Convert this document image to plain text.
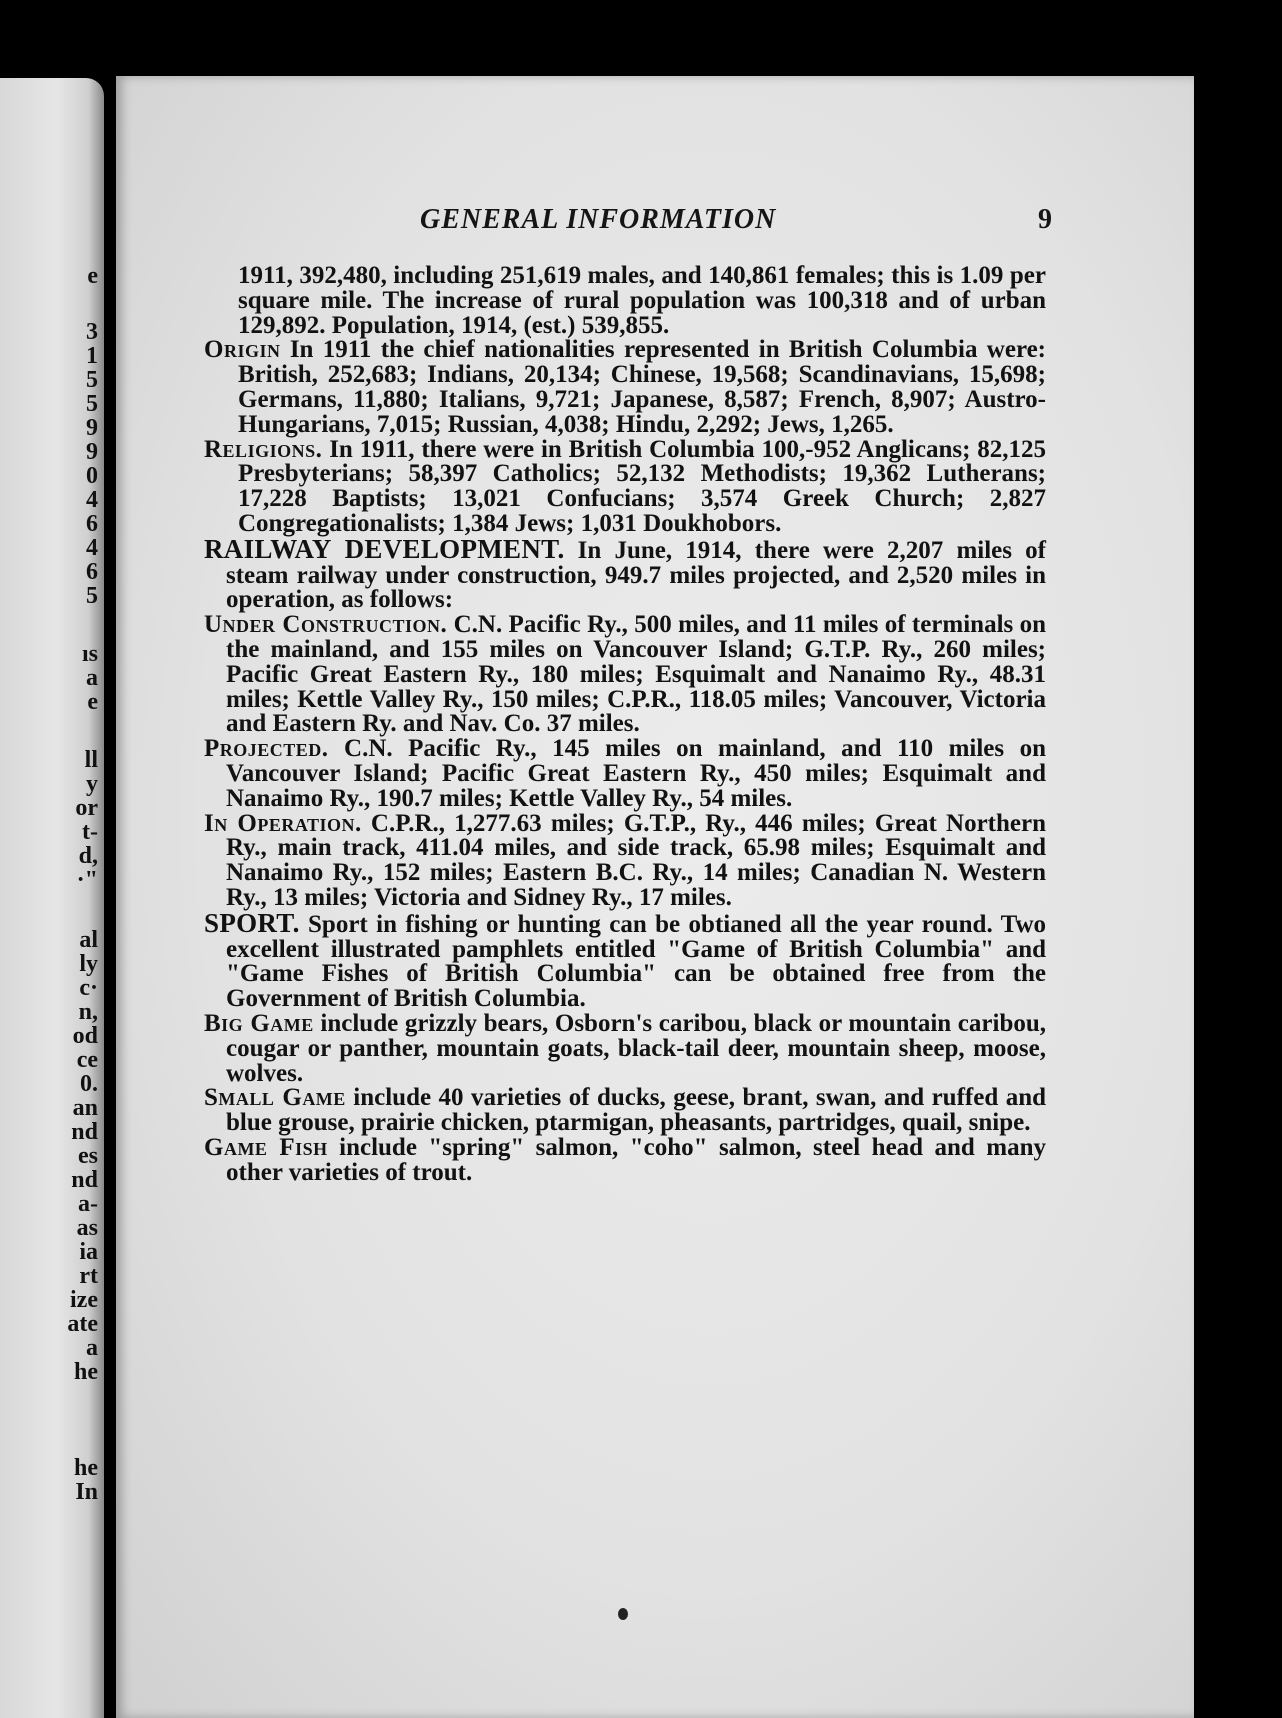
e
3
1
5
5
9
9
0
4
6
4
6
5
ıs
a
e
ll
y
or
t-
d,
·"
al
ly
c·
n,
od
ce
0.
an
nd
es
nd
a-
as
ia
rt
ize
ate
a
he
he
In
GENERAL INFORMATION	9

1911, 392,480, including 251,619 males, and 140,861 females; this is 1.09 per square mile. The increase of rural population was 100,318 and of urban 129,892. Population, 1914, (est.) 539,855.

Origin In 1911 the chief nationalities represented in British Columbia were: British, 252,683; Indians, 20,134; Chinese, 19,568; Scandinavians, 15,698; Germans, 11,880; Italians, 9,721; Japanese, 8,587; French, 8,907; Austro-Hungarians, 7,015; Russian, 4,038; Hindu, 2,292; Jews, 1,265.

Religions. In 1911, there were in British Columbia 100,-952 Anglicans; 82,125 Presbyterians; 58,397 Catholics; 52,132 Methodists; 19,362 Lutherans; 17,228 Baptists; 13,021 Confucians; 3,574 Greek Church; 2,827 Congregationalists; 1,384 Jews; 1,031 Doukhobors.

RAILWAY DEVELOPMENT. In June, 1914, there were 2,207 miles of steam railway under construction, 949.7 miles projected, and 2,520 miles in operation, as follows:

Under Construction. C.N. Pacific Ry., 500 miles, and 11 miles of terminals on the mainland, and 155 miles on Vancouver Island; G.T.P. Ry., 260 miles; Pacific Great Eastern Ry., 180 miles; Esquimalt and Nanaimo Ry., 48.31 miles; Kettle Valley Ry., 150 miles; C.P.R., 118.05 miles; Vancouver, Victoria and Eastern Ry. and Nav. Co. 37 miles.

Projected. C.N. Pacific Ry., 145 miles on mainland, and 110 miles on Vancouver Island; Pacific Great Eastern Ry., 450 miles; Esquimalt and Nanaimo Ry., 190.7 miles; Kettle Valley Ry., 54 miles.

In Operation. C.P.R., 1,277.63 miles; G.T.P., Ry., 446 miles; Great Northern Ry., main track, 411.04 miles, and side track, 65.98 miles; Esquimalt and Nanaimo Ry., 152 miles; Eastern B.C. Ry., 14 miles; Canadian N. Western Ry., 13 miles; Victoria and Sidney Ry., 17 miles.

SPORT. Sport in fishing or hunting can be obtianed all the year round. Two excellent illustrated pamphlets entitled "Game of British Columbia" and "Game Fishes of British Columbia" can be obtained free from the Government of British Columbia.

Big Game include grizzly bears, Osborn's caribou, black or mountain caribou, cougar or panther, mountain goats, black-tail deer, mountain sheep, moose, wolves.

Small Game include 40 varieties of ducks, geese, brant, swan, and ruffed and blue grouse, prairie chicken, ptarmigan, pheasants, partridges, quail, snipe.

Game Fish include "spring" salmon, "coho" salmon, steel head and many other varieties of trout.
